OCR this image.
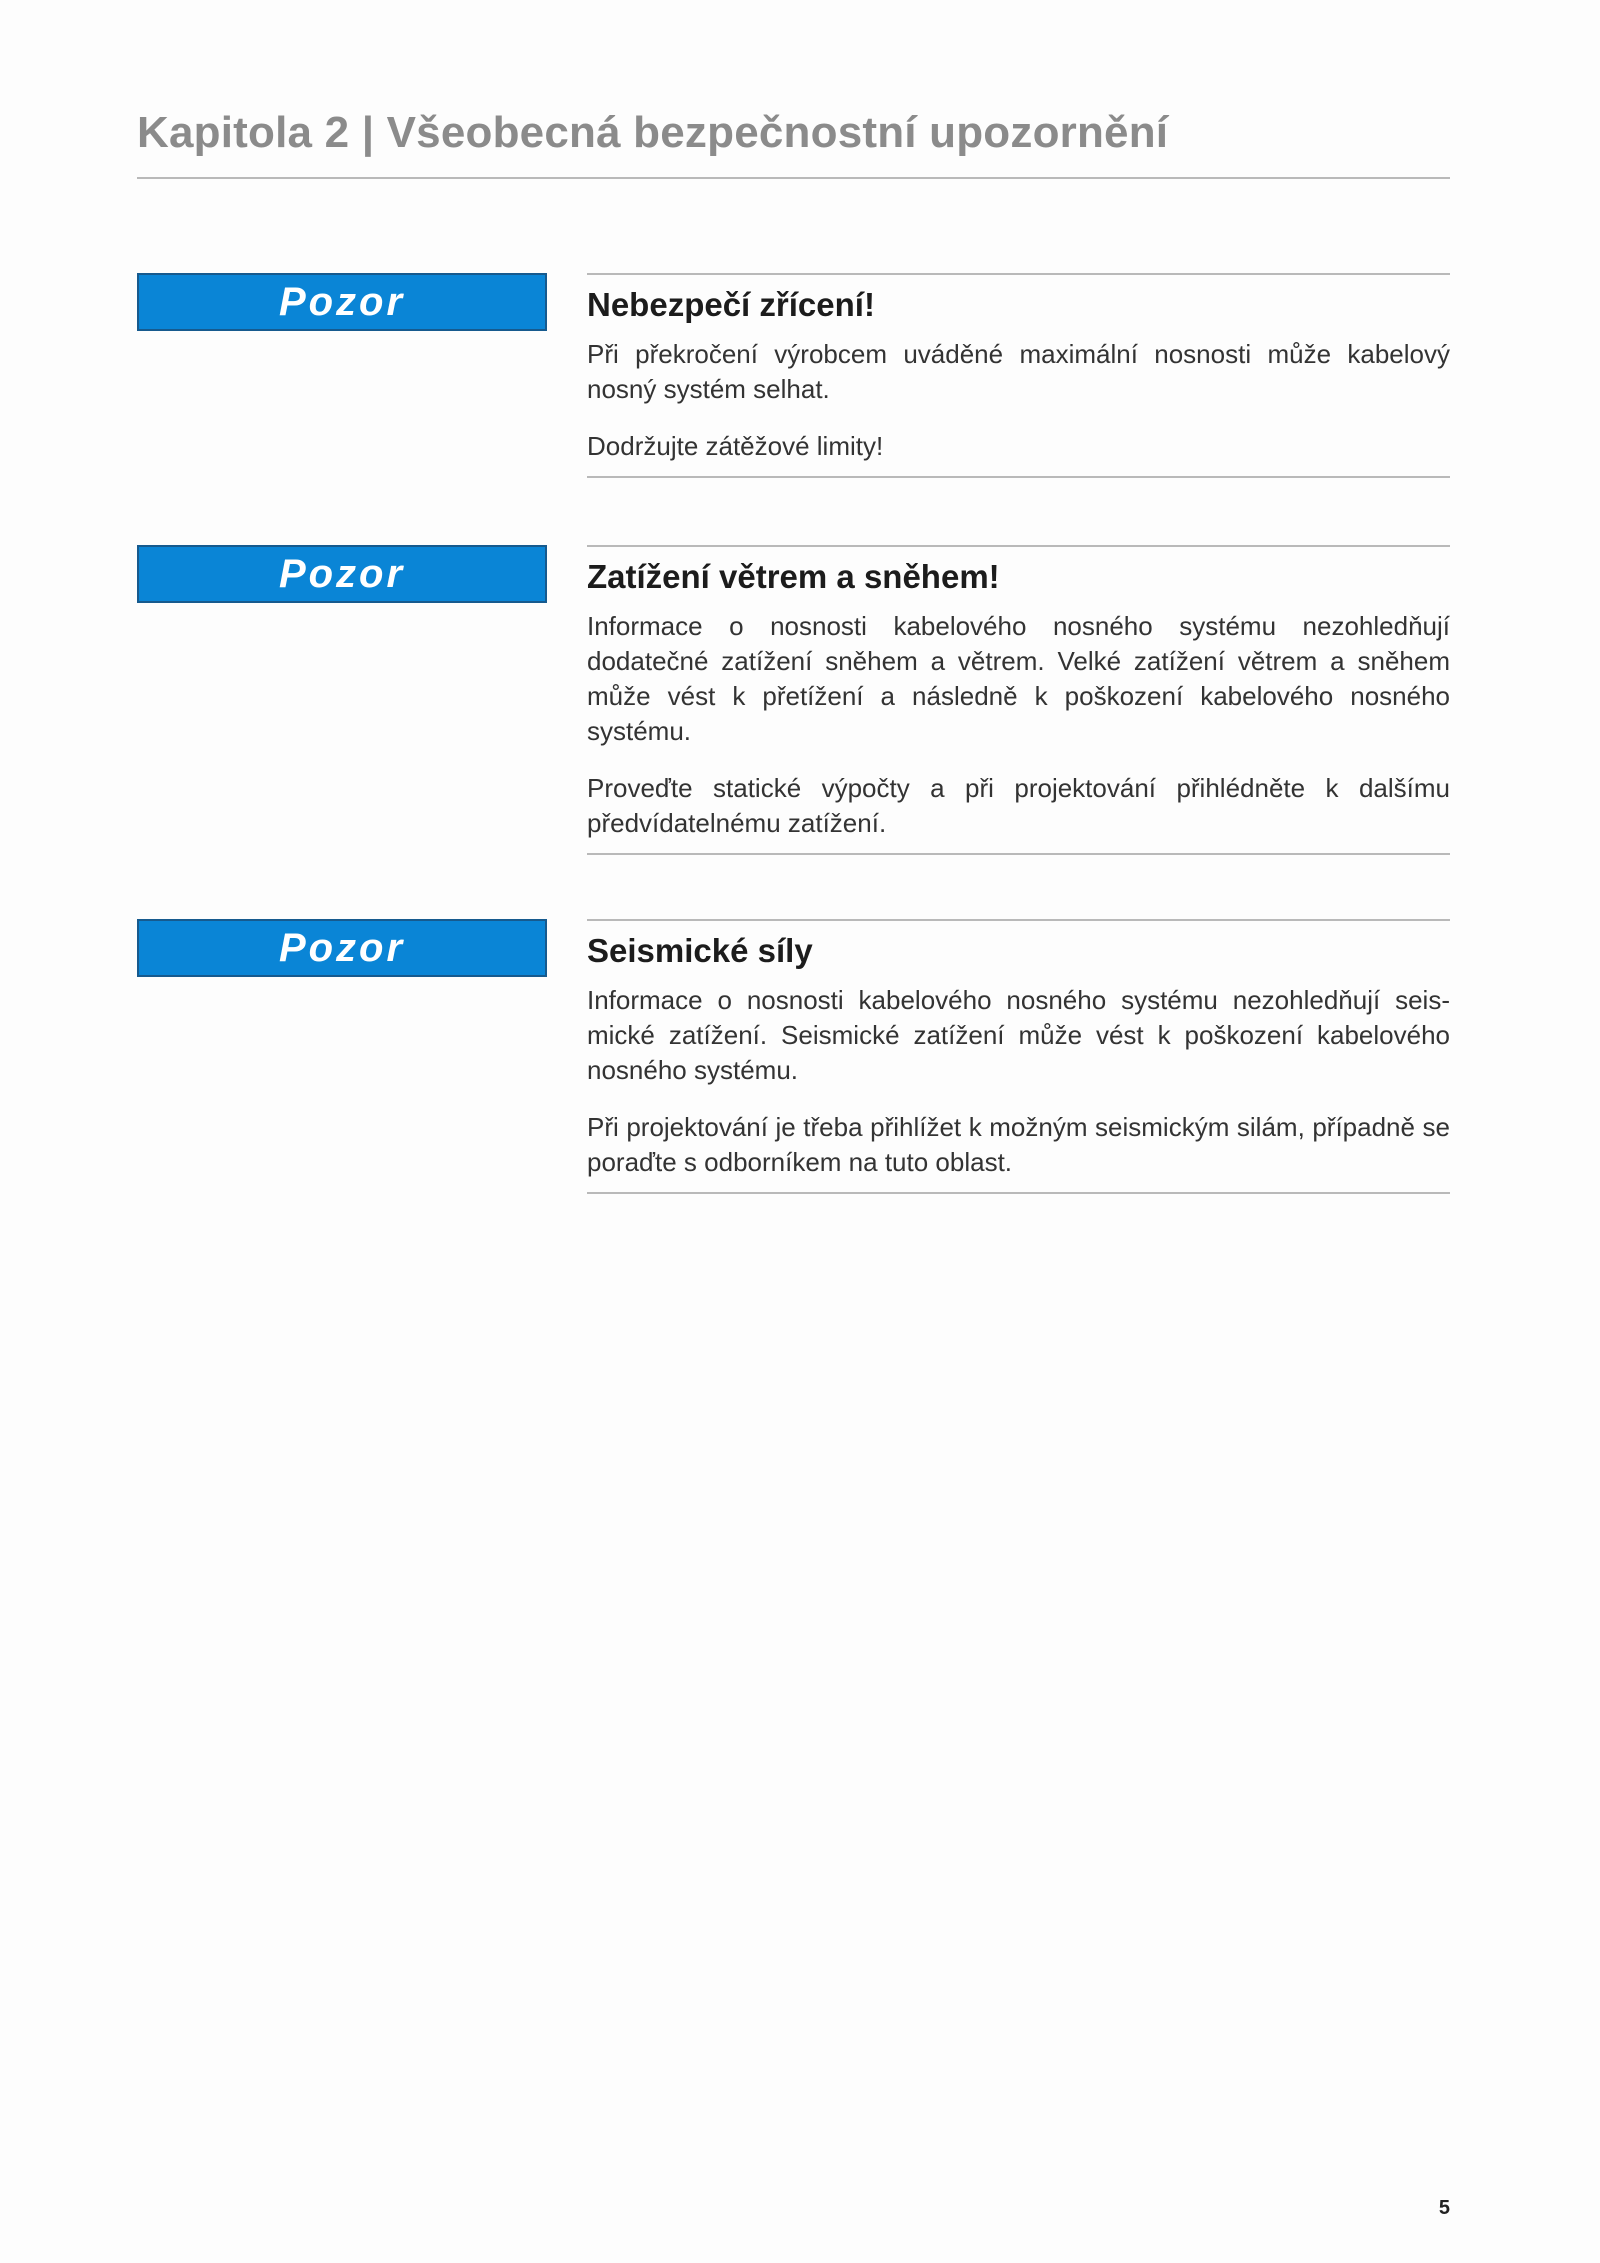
Kapitola 2 | Všeobecná bezpečnostní upozornění
Pozor	Nebezpečí zřícení!

Při překročení výrobcem uváděné maximální nosnosti může kabelový nosný systém selhat.

Dodržujte zátěžové limity!

Pozor	Zatížení větrem a sněhem!

Informace o nosnosti kabelového nosného systému nezohledňují dodatečné zatížení sněhem a větrem. Velké zatížení větrem a sněhem může vést k přetížení a následně k poškození kabelového nosného systému.

Proveďte statické výpočty a při projektování přihlédněte k dalšímu předvídatelnému zatížení.

Pozor	Seismické síly

Informace o nosnosti kabelového nosného systému nezohledňují seis-mické zatížení. Seismické zatížení může vést k poškození kabelového nosného systému.

Při projektování je třeba přihlížet k možným seismickým silám, případně se poraďte s odborníkem na tuto oblast.

5
